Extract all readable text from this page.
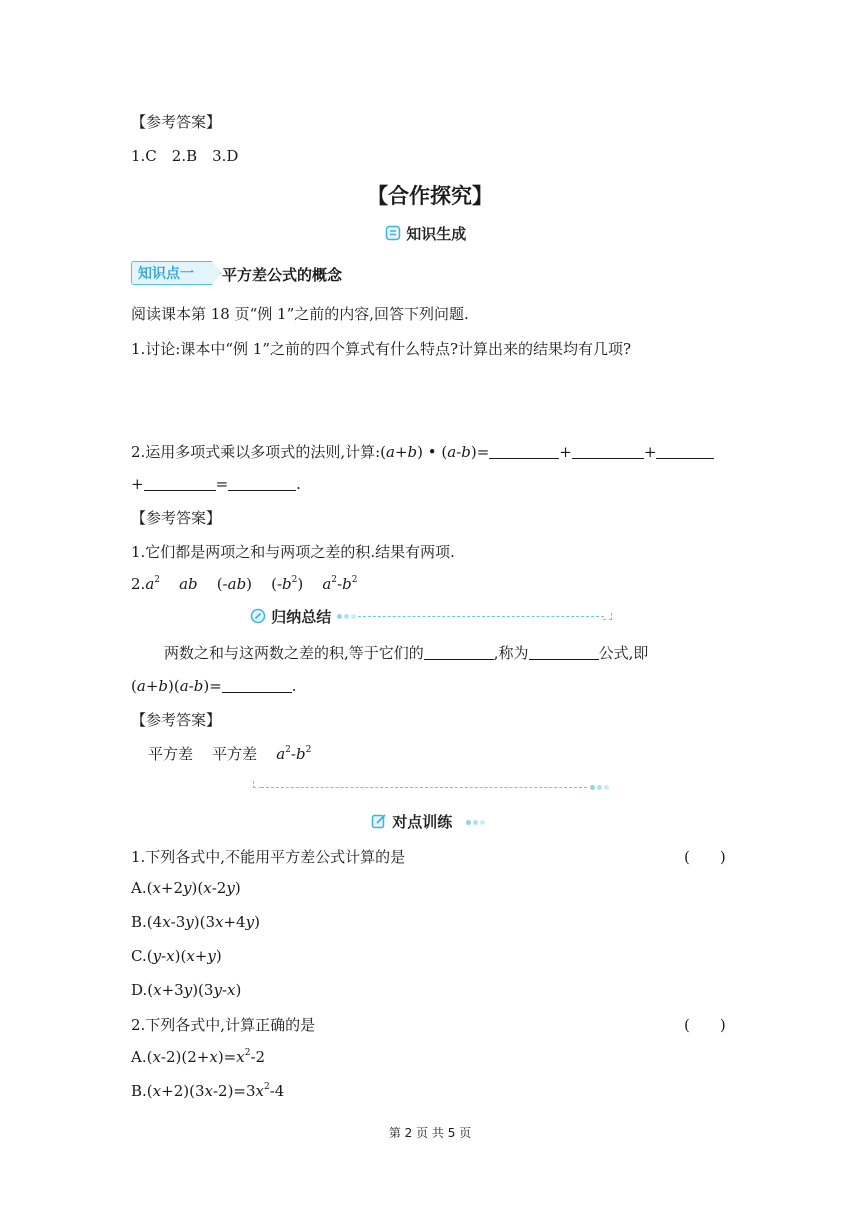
【参考答案】
1.C　2.B　3.D
【合作探究】
知识生成
知识点一 平方差公式的概念
阅读课本第 18 页“例 1”之前的内容,回答下列问题.
1.讨论:课本中“例 1”之前的四个算式有什么特点?计算出来的结果均有几项?
2.运用多项式乘以多项式的法则,计算:(a+b) • (a-b)=	+	+
+	=	.
【参考答案】
1.它们都是两项之和与两项之差的积.结果有两项.
$2.a^2$ ab    (-ab)    $(-b^2)$    $a^2-b^2$
归纳总结
两数之和与这两数之差的积,等于它们的	,称为	公式,即
(a+b)(a-b)=	.
【参考答案】
平方差 平方差 $a^2-b^2$
对点训练
1.下列各式中,不能用平方差公式计算的是	(　　)
A.(x+2y)(x-2y)
B.(4x-3y)(3x+4y)
C.(y-x)(x+y)
D.(x+3y)(3y-x)
2.下列各式中,计算正确的是	(　　)
$A.(x-2)(2+x)=x^2-2$
$B.(x+2)(3x-2)=3x^2-4$
第 2 页 共 5 页
